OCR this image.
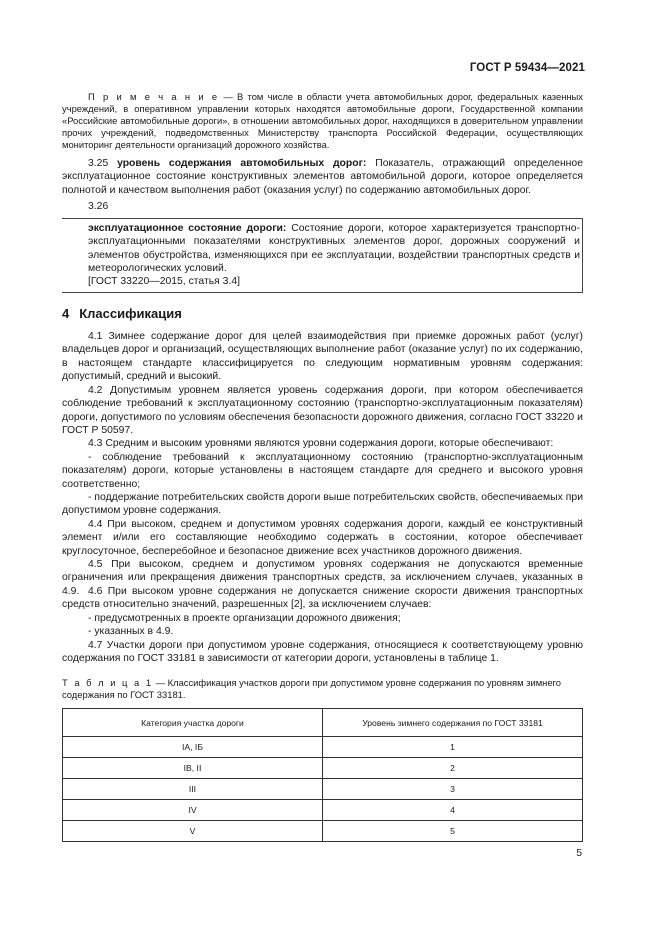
ГОСТ Р 59434—2021

П р и м е ч а н и е — В том числе в области учета автомобильных дорог, федеральных казенных учреждений, в оперативном управлении которых находятся автомобильные дороги, Государственной компании «Российские автомобильные дороги», в отношении автомобильных дорог, находящихся в доверительном управлении прочих учреждений, подведомственных Министерству транспорта Российской Федерации, осуществляющих мониторинг деятельности организаций дорожного хозяйства.

3.25 уровень содержания автомобильных дорог: Показатель, отражающий определенное эксплуатационное состояние конструктивных элементов автомобильной дороги, которое определяется полнотой и качеством выполнения работ (оказания услуг) по содержанию автомобильных дорог.

3.26

эксплуатационное состояние дороги: Состояние дороги, которое характеризуется транспортно-эксплуатационными показателями конструктивных элементов дорог, дорожных сооружений и элементов обустройства, изменяющихся при ее эксплуатации, воздействии транспортных средств и метеорологических условий.

[ГОСТ 33220—2015, статья 3.4]
4 Классификация

4.1 Зимнее содержание дорог для целей взаимодействия при приемке дорожных работ (услуг) владельцев дорог и организаций, осуществляющих выполнение работ (оказание услуг) по их содержанию, в настоящем стандарте классифицируется по следующим нормативным уровням содержания: допустимый, средний и высокий.

4.2 Допустимым уровнем является уровень содержания дороги, при котором обеспечивается соблюдение требований к эксплуатационному состоянию (транспортно-эксплуатационным показателям) дороги, допустимого по условиям обеспечения безопасности дорожного движения, согласно ГОСТ 33220 и ГОСТ Р 50597.

4.3 Средним и высоким уровнями являются уровни содержания дороги, которые обеспечивают:

- соблюдение требований к эксплуатационному состоянию (транспортно-эксплуатационным показателям) дороги, которые установлены в настоящем стандарте для среднего и высокого уровня соответственно;

- поддержание потребительских свойств дороги выше потребительских свойств, обеспечиваемых при допустимом уровне содержания.

4.4 При высоком, среднем и допустимом уровнях содержания дороги, каждый ее конструктивный элемент и/или его составляющие необходимо содержать в состоянии, которое обеспечивает круглосуточное, бесперебойное и безопасное движение всех участников дорожного движения.

4.5 При высоком, среднем и допустимом уровнях содержания не допускаются временные ограничения или прекращения движения транспортных средств, за исключением случаев, указанных в 4.9. 4.6 При высоком уровне содержания не допускается снижение скорости движения транспортных средств относительно значений, разрешенных [2], за исключением случаев:

- предусмотренных в проекте организации дорожного движения;

- указанных в 4.9.

4.7 Участки дороги при допустимом уровне содержания, относящиеся к соответствующему уровню содержания по ГОСТ 33181 в зависимости от категории дороги, установлены в таблице 1.

Т а б л и ц а 1 — Классификация участков дороги при допустимом уровне содержания по уровням зимнего содержания по ГОСТ 33181.

Категория участка дороги	Уровень зимнего содержания по ГОСТ 33181
IA, IБ	1
IB, II	2
III	3
IV	4
V	5
5
